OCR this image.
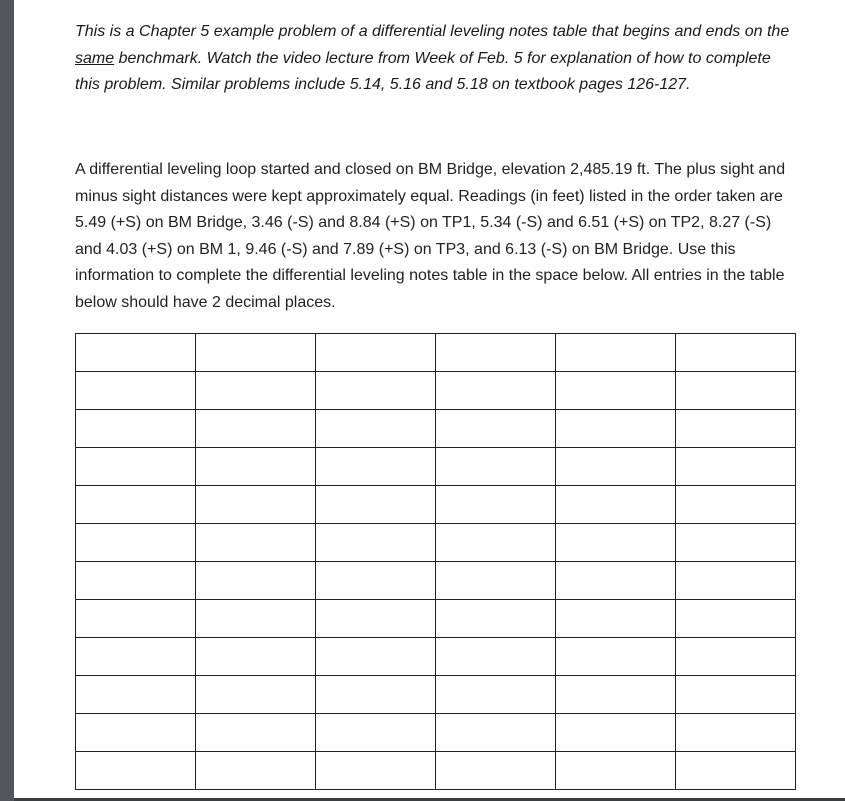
This is a Chapter 5 example problem of a differential leveling notes table that begins and ends on the same benchmark. Watch the video lecture from Week of Feb. 5 for explanation of how to complete this problem. Similar problems include 5.14, 5.16 and 5.18 on textbook pages 126-127.

A differential leveling loop started and closed on BM Bridge, elevation 2,485.19 ft. The plus sight and minus sight distances were kept approximately equal. Readings (in feet) listed in the order taken are 5.49 (+S) on BM Bridge, 3.46 (-S) and 8.84 (+S) on TP1, 5.34 (-S) and 6.51 (+S) on TP2, 8.27 (-S) and 4.03 (+S) on BM 1, 9.46 (-S) and 7.89 (+S) on TP3, and 6.13 (-S) on BM Bridge. Use this information to complete the differential leveling notes table in the space below. All entries in the table below should have 2 decimal places.
